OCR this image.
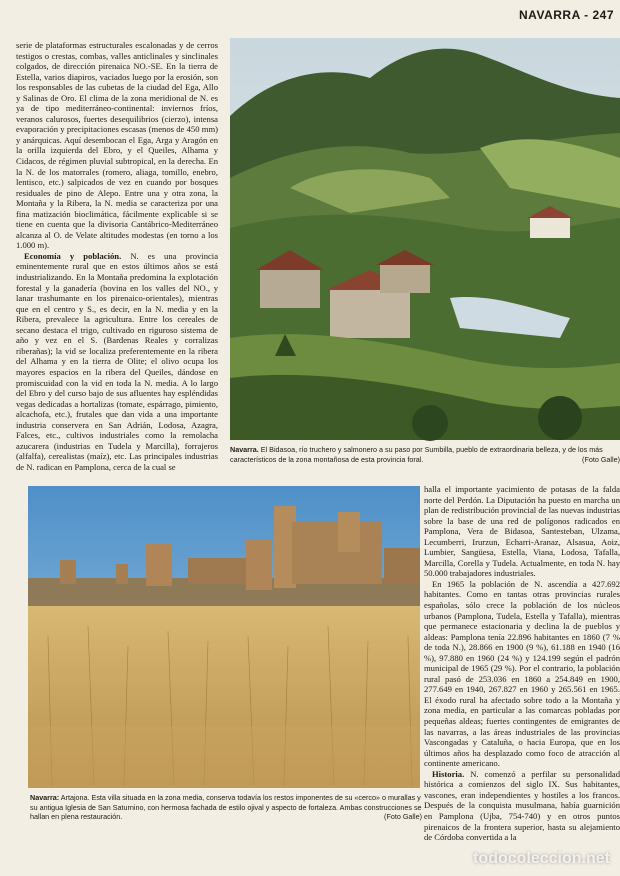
NAVARRA - 247

serie de plataformas estructurales escalonadas y de cerros testigos o crestas, combas, valles anticlinales y sinclinales colgados, de dirección pirenaica NO.-SE. En la tierra de Estella, varios diapiros, vaciados luego por la erosión, son los responsables de las cubetas de la ciudad del Ega, Allo y Salinas de Oro. El clima de la zona meridional de N. es ya de tipo mediterráneo-continental: inviernos fríos, veranos calurosos, fuertes desequilibrios (cierzo), intensa evaporación y precipitaciones escasas (menos de 450 mm) y anárquicas. Aquí desembocan el Ega, Arga y Aragón en la orilla izquierda del Ebro, y el Queiles, Alhama y Cidacos, de régimen pluvial subtropical, en la derecha. En la N. de los matorrales (romero, aliaga, tomillo, enebro, lentisco, etc.) salpicados de vez en cuando por bosques residuales de pino de Alepo. Entre una y otra zona, la Montaña y la Ribera, la N. media se caracteriza por una fina matización bioclimática, fácilmente explicable si se tiene en cuenta que la divisoria Cantábrico-Mediterráneo alcanza al O. de Velate altitudes modestas (en torno a los 1.000 m).

Economía y población. N. es una provincia eminentemente rural que en estos últimos años se está industrializando. En la Montaña predomina la explotación forestal y la ganadería (bovina en los valles del NO., y lanar trashumante en los pirenaico-orientales), mientras que en el centro y S., es decir, en la N. media y en la Ribera, prevalece la agricultura. Entre los cereales de secano destaca el trigo, cultivado en riguroso sistema de año y vez en el S. (Bardenas Reales y corralizas riberañas); la vid se localiza preferentemente en la ribera del Alhama y en la tierra de Olite; el olivo ocupa los mayores espacios en la ribera del Queiles, dándose en promiscuidad con la vid en toda la N. media. A lo largo del Ebro y del curso bajo de sus afluentes hay espléndidas vegas dedicadas a hortalizas (tomate, espárrago, pimiento, alcachofa, etc.), frutales que dan vida a una importante industria conservera en San Adrián, Lodosa, Azagra, Falces, etc., cultivos industriales como la remolacha azucarera (industrias en Tudela y Marcilla), forrajeros (alfalfa), cerealistas (maíz), etc. Las principales industrias de N. radican en Pamplona, cerca de la cual se

Navarra. El Bidasoa, río truchero y salmonero a su paso por Sumbilla, pueblo de extraordinaria belleza, y de los más característicos de la zona montañosa de esta provincia foral.	(Foto Galle)
Navarra: Artajona. Esta villa situada en la zona media, conserva todavía los restos imponentes de su «cerco» o murallas y su antigua Iglesia de San Saturnino, con hermosa fachada de estilo ojival y aspecto de fortaleza. Ambas construcciones se hallan en plena restauración.	(Foto Galle)

halla el importante yacimiento de potasas de la falda norte del Perdón. La Diputación ha puesto en marcha un plan de redistribución provincial de las nuevas industrias sobre la base de una red de polígonos radicados en Pamplona, Vera de Bidasoa, Santesteban, Ulzama, Lecumberri, Irurzun, Echarri-Aranaz, Alsasua, Aoiz, Lumbier, Sangüesa, Estella, Viana, Lodosa, Tafalla, Marcilla, Corella y Tudela. Actualmente, en toda N. hay 50.000 trabajadores industriales.

En 1965 la población de N. ascendía a 427.692 habitantes. Como en tantas otras provincias rurales españolas, sólo crece la población de los núcleos urbanos (Pamplona, Tudela, Estella y Tafalla), mientras que permanece estacionaria y declina la de pueblos y aldeas: Pamplona tenía 22.896 habitantes en 1860 (7 % de toda N.), 28.866 en 1900 (9 %), 61.188 en 1940 (16 %), 97.880 en 1960 (24 %) y 124.199 según el padrón municipal de 1965 (29 %). Por el contrario, la población rural pasó de 253.036 en 1860 a 254.849 en 1900, 277.649 en 1940, 267.827 en 1960 y 265.561 en 1965. El éxodo rural ha afectado sobre todo a la Montaña y zona media, en particular a las comarcas pobladas por pequeñas aldeas; fuertes contingentes de emigrantes de las navarras, a las áreas industriales de las provincias Vascongadas y Cataluña, o hacia Europa, que en los últimos años ha desplazado como foco de atracción al continente americano.

Historia. N. comenzó a perfilar su personalidad histórica a comienzos del siglo IX. Sus habitantes, vascones, eran independientes y hostiles a los francos. Después de la conquista musulmana, había guarnición en Pamplona (Ujba, 754-740) y en otros puntos pirenaicos de la frontera superior, hasta su alejamiento de Córdoba convertida a la

todocoleccion.net
